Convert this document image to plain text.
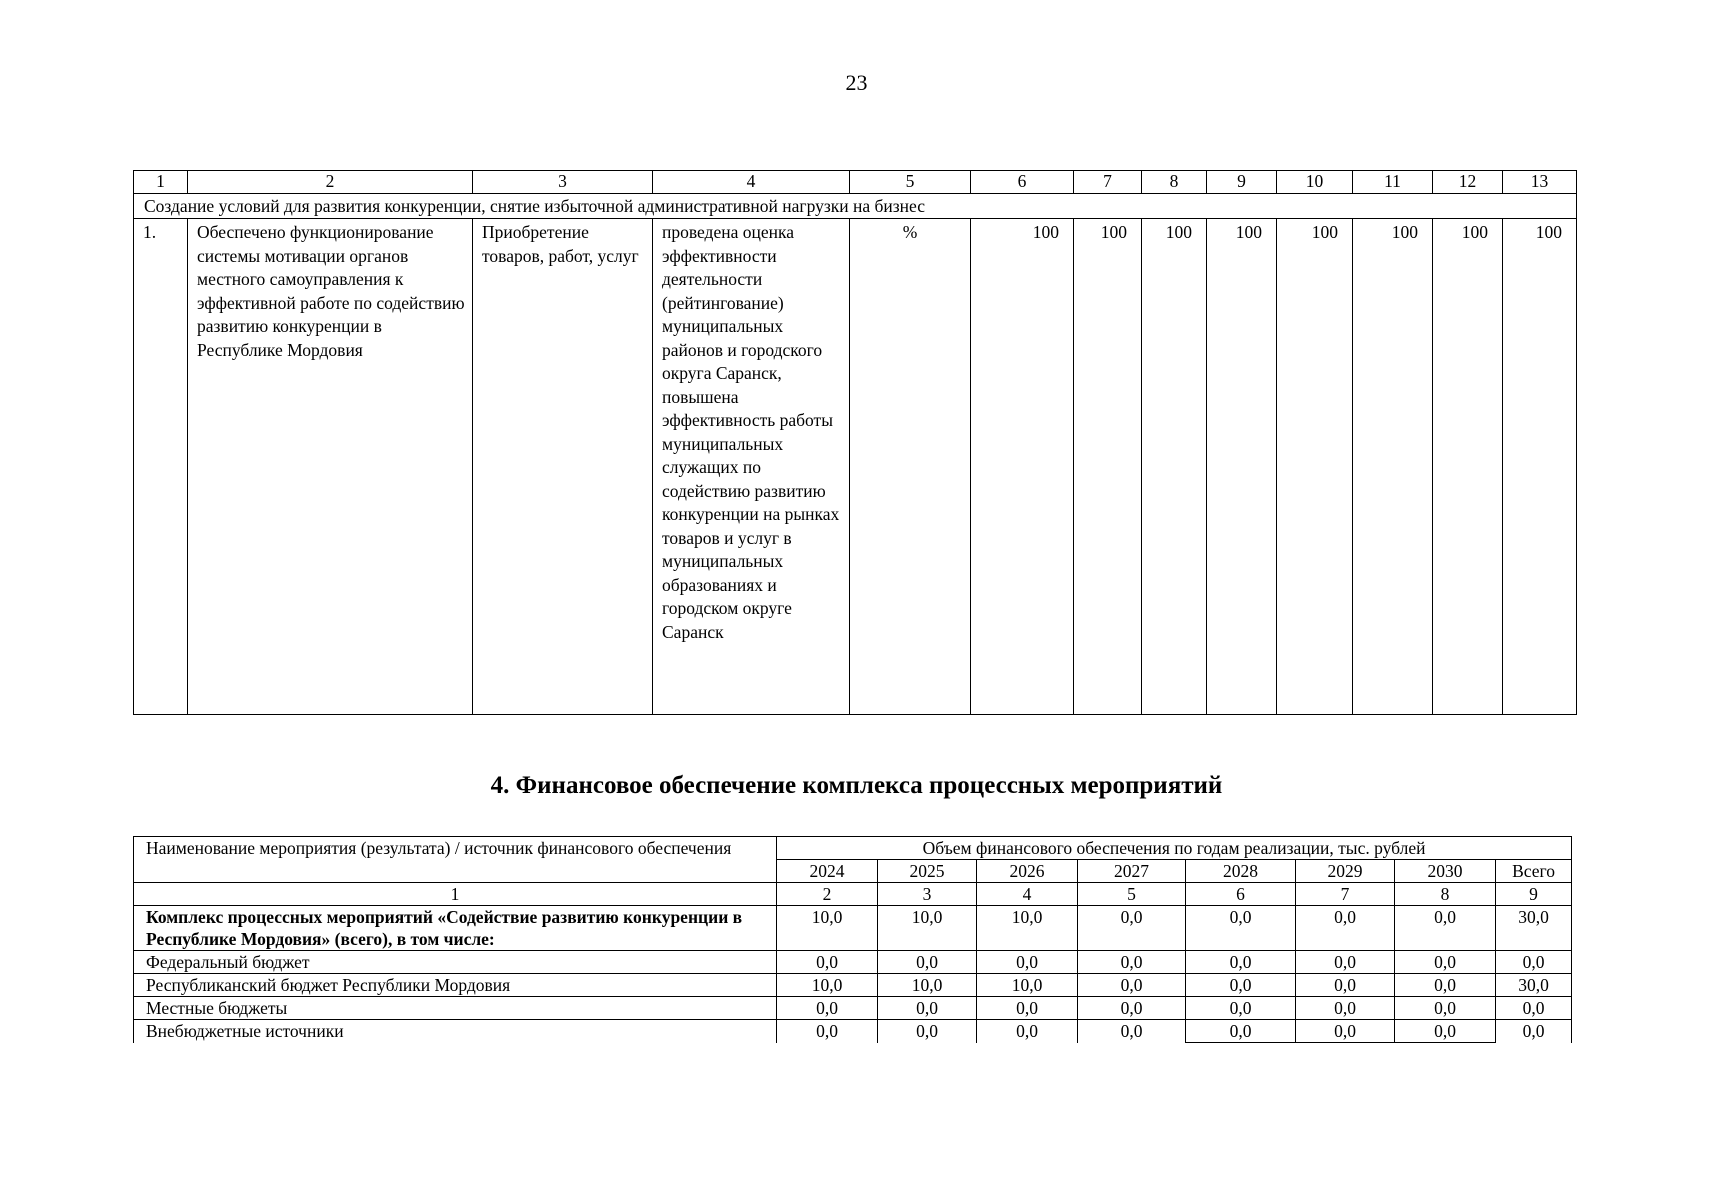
23
1	2	3	4	5	6	7	8	9	10	11	12	13
Создание условий для развития конкуренции, снятие избыточной административной нагрузки на бизнес												
1.	Обеспечено функционирование системы мотивации органов местного самоуправления к эффективной работе по содействию развитию конкуренции в Республике Мордовия	Приобретение товаров, работ, услуг	проведена оценка эффективности деятельности (рейтингование) муниципальных районов и городского округа Саранск, повышена эффективность работы муниципальных служащих по содействию развитию конкуренции на рынках товаров и услуг в муниципальных образованиях и городском округе Саранск	%	100	100	100	100	100	100	100	100
4. Финансовое обеспечение комплекса процессных мероприятий
Наименование мероприятия (результата) / источник финансового обеспечения	Объем финансового обеспечения по годам реализации, тыс. рублей							
	2024	2025	2026	2027	2028	2029	2030	Всего
1	2	3	4	5	6	7	8	9
Комплекс процессных мероприятий «Содействие развитию конкуренции в Республике Мордовия» (всего), в том числе:	10,0	10,0	10,0	0,0	0,0	0,0	0,0	30,0
Федеральный бюджет	0,0	0,0	0,0	0,0	0,0	0,0	0,0	0,0
Республиканский бюджет Республики Мордовия	10,0	10,0	10,0	0,0	0,0	0,0	0,0	30,0
Местные бюджеты	0,0	0,0	0,0	0,0	0,0	0,0	0,0	0,0
Внебюджетные источники	0,0	0,0	0,0	0,0	0,0	0,0	0,0	0,0
